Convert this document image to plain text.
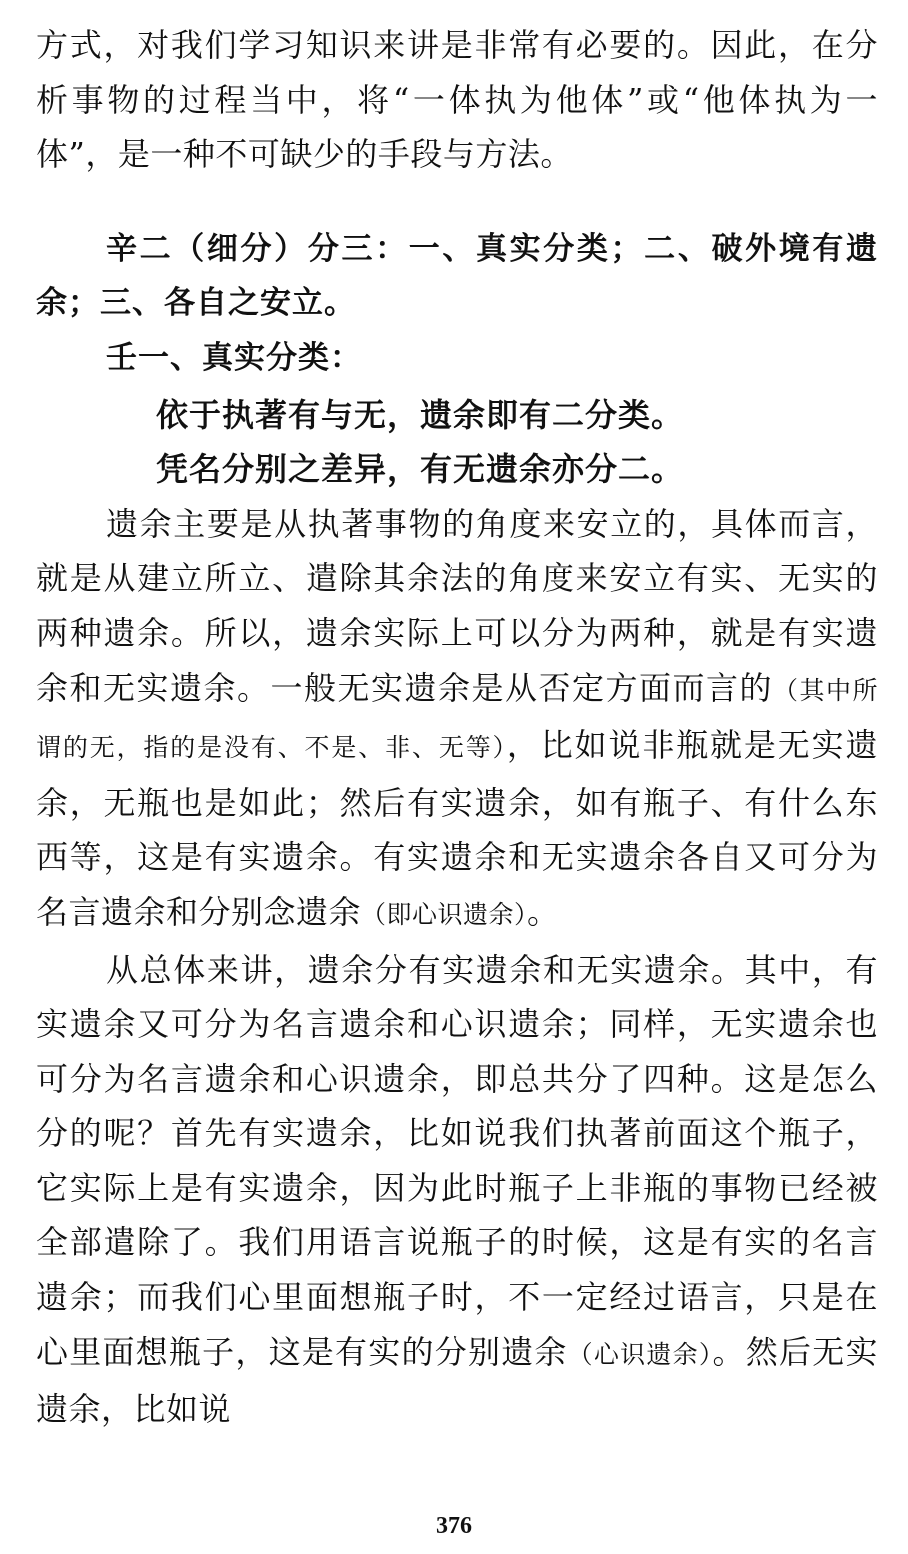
方式，对我们学习知识来讲是非常有必要的。因此，在分析事物的过程当中，将“一体执为他体”或“他体执为一体”，是一种不可缺少的手段与方法。

辛二（细分）分三：一、真实分类；二、破外境有遗余；三、各自之安立。

壬一、真实分类：

依于执著有与无，遗余即有二分类。

凭名分别之差异，有无遗余亦分二。

遗余主要是从执著事物的角度来安立的，具体而言，就是从建立所立、遣除其余法的角度来安立有实、无实的两种遗余。所以，遗余实际上可以分为两种，就是有实遗余和无实遗余。一般无实遗余是从否定方面而言的（其中所谓的无，指的是没有、不是、非、无等），比如说非瓶就是无实遗余，无瓶也是如此；然后有实遗余，如有瓶子、有什么东西等，这是有实遗余。有实遗余和无实遗余各自又可分为名言遗余和分别念遗余（即心识遗余）。

从总体来讲，遗余分有实遗余和无实遗余。其中，有实遗余又可分为名言遗余和心识遗余；同样，无实遗余也可分为名言遗余和心识遗余，即总共分了四种。这是怎么分的呢？首先有实遗余，比如说我们执著前面这个瓶子，它实际上是有实遗余，因为此时瓶子上非瓶的事物已经被全部遣除了。我们用语言说瓶子的时候，这是有实的名言遗余；而我们心里面想瓶子时，不一定经过语言，只是在心里面想瓶子，这是有实的分别遗余（心识遗余）。然后无实遗余，比如说

376
